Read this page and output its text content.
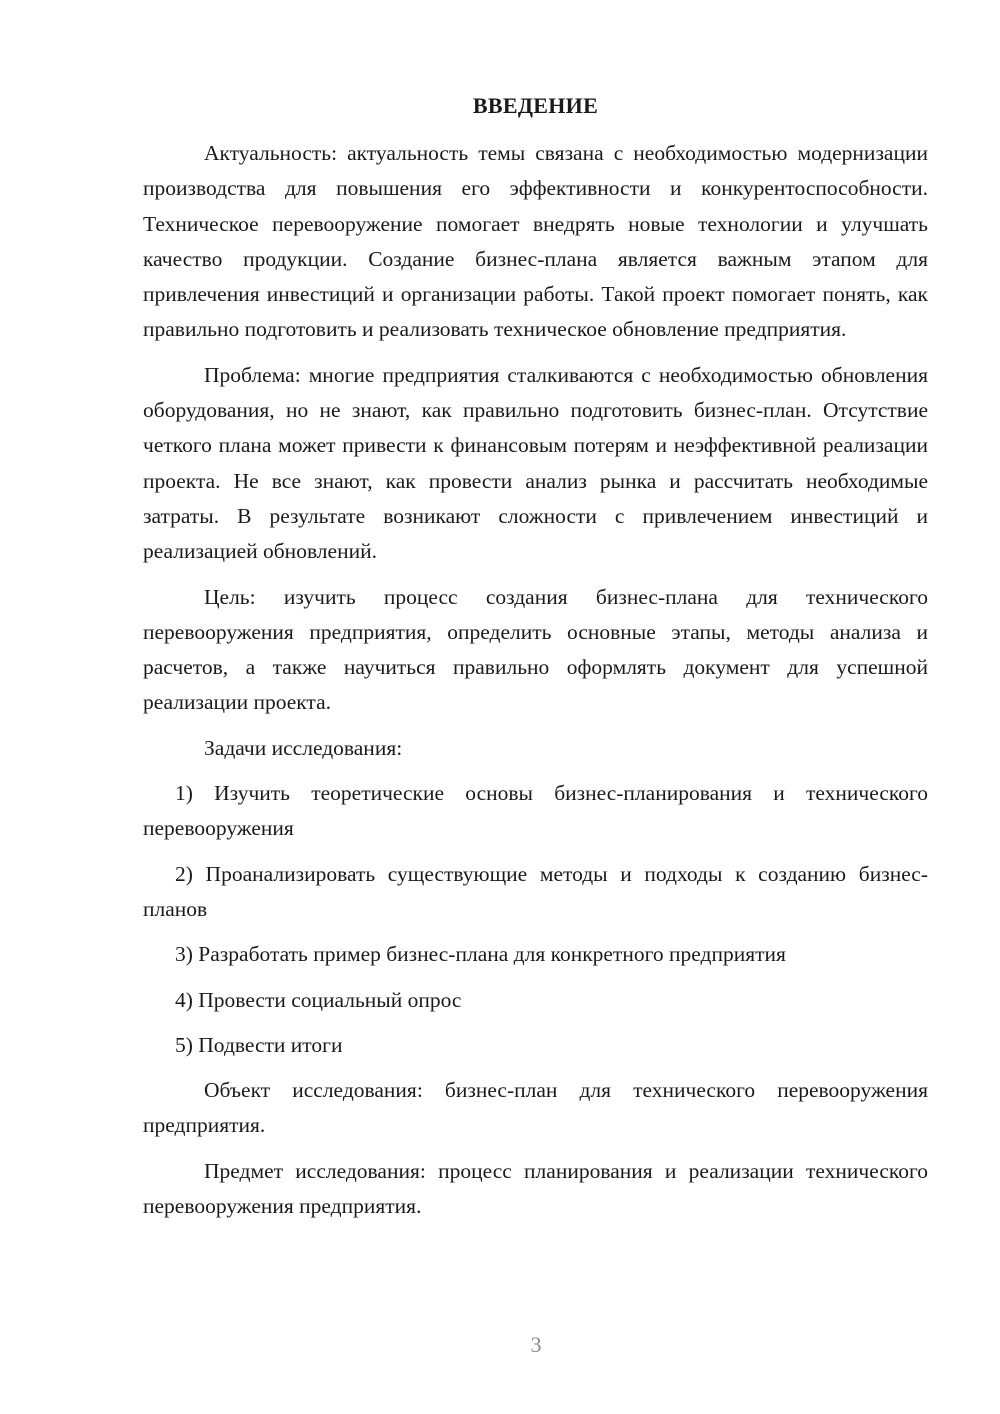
ВВЕДЕНИЕ

Актуальность: актуальность темы связана с необходимостью модернизации производства для повышения его эффективности и конкурентоспособности. Техническое перевооружение помогает внедрять новые технологии и улучшать качество продукции. Создание бизнес-плана является важным этапом для привлечения инвестиций и организации работы. Такой проект помогает понять, как правильно подготовить и реализовать техническое обновление предприятия.

Проблема: многие предприятия сталкиваются с необходимостью обновления оборудования, но не знают, как правильно подготовить бизнес-план. Отсутствие четкого плана может привести к финансовым потерям и неэффективной реализации проекта. Не все знают, как провести анализ рынка и рассчитать необходимые затраты. В результате возникают сложности с привлечением инвестиций и реализацией обновлений.

Цель: изучить процесс создания бизнес-плана для технического перевооружения предприятия, определить основные этапы, методы анализа и расчетов, а также научиться правильно оформлять документ для успешной реализации проекта.

Задачи исследования:

1) Изучить теоретические основы бизнес-планирования и технического перевооружения

2) Проанализировать существующие методы и подходы к созданию бизнес-планов

3) Разработать пример бизнес-плана для конкретного предприятия

4) Провести социальный опрос

5) Подвести итоги

Объект исследования: бизнес-план для технического перевооружения предприятия.

Предмет исследования: процесс планирования и реализации технического перевооружения предприятия.

3
